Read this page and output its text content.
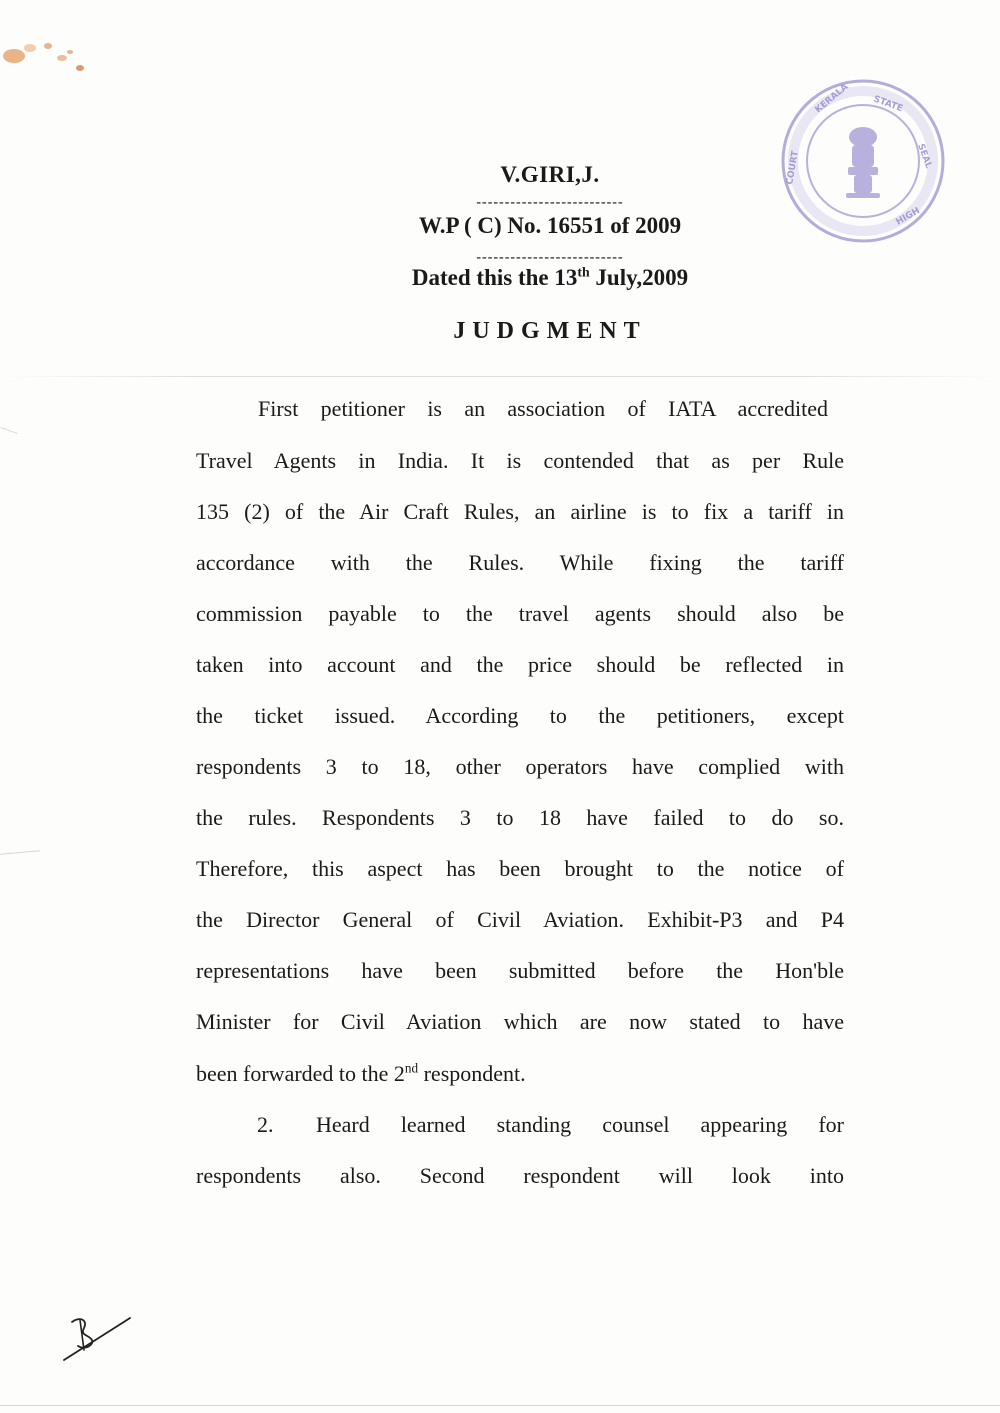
KERALA STATE
SEAL
HIGH
COURT
V.GIRI,J.
--------------------------
W.P ( C) No. 16551 of 2009
--------------------------
Dated this the 13th July,2009
JUDGMENT
First petitioner is an association of IATA accredited
Travel Agents in India. It is contended that as per Rule
135 (2) of the Air Craft Rules, an airline is to fix a tariff in
accordance with the Rules. While fixing the tariff
commission payable to the travel agents should also be
taken into account and the price should be reflected in
the ticket issued. According to the petitioners, except
respondents 3 to 18, other operators have complied with
the rules. Respondents 3 to 18 have failed to do so.
Therefore, this aspect has been brought to the notice of
the Director General of Civil Aviation. Exhibit-P3 and P4
representations have been submitted before the Hon'ble
Minister for Civil Aviation which are now stated to have
been forwarded to the 2nd respondent.
2. Heard learned standing counsel appearing for
respondents also. Second respondent will look into
